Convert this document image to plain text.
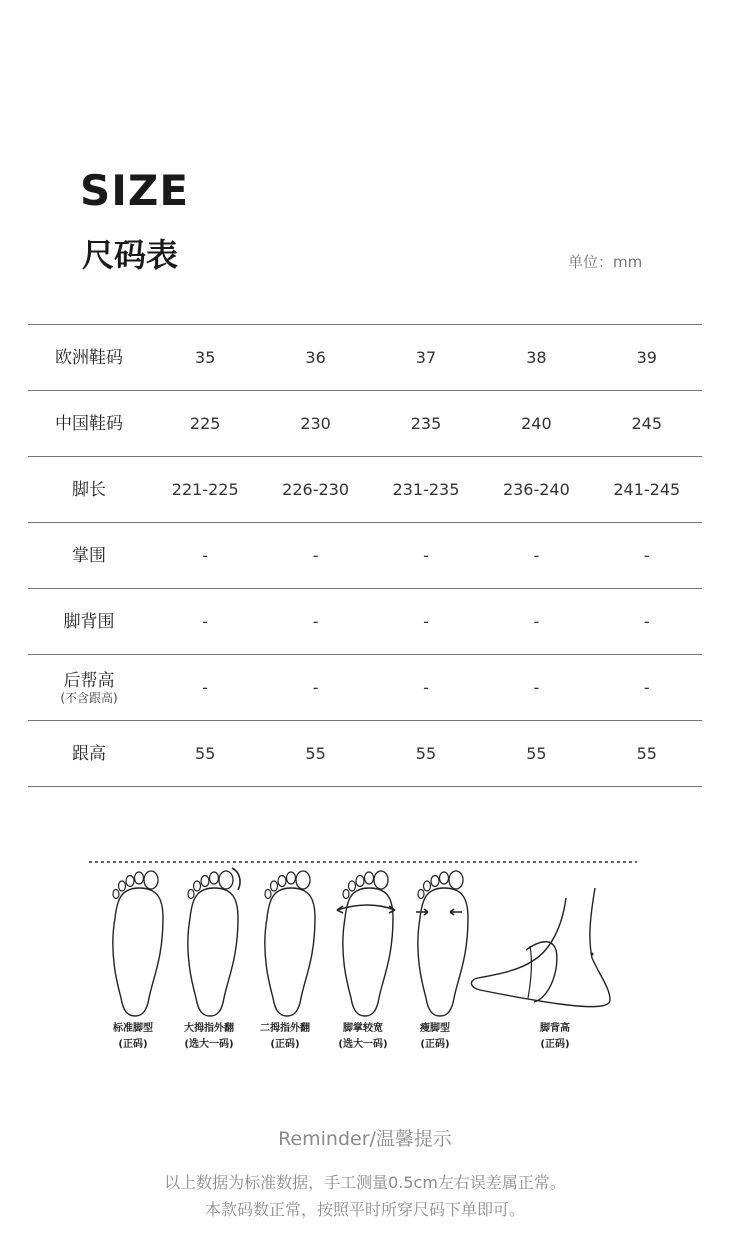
SIZE
尺码表	单位：mm
欧洲鞋码	35	36	37	38	39

中国鞋码	225	230	235	240	245

脚长	221-225	226-230	231-235	236-240	241-245

掌围	-	-	-	-	-

脚背围	-	-	-	-	-

后帮高
(不含跟高)	-	-	-	-	-

跟高	55	55	55	55	55
标准脚型
(正码)
大拇指外翻
(选大一码)
二拇指外翻
(正码)
脚掌较宽
(选大一码)
瘦脚型
(正码)
脚背高
(正码)
Reminder/温馨提示
以上数据为标准数据，手工测量0.5cm左右误差属正常。
本款码数正常，按照平时所穿尺码下单即可。
